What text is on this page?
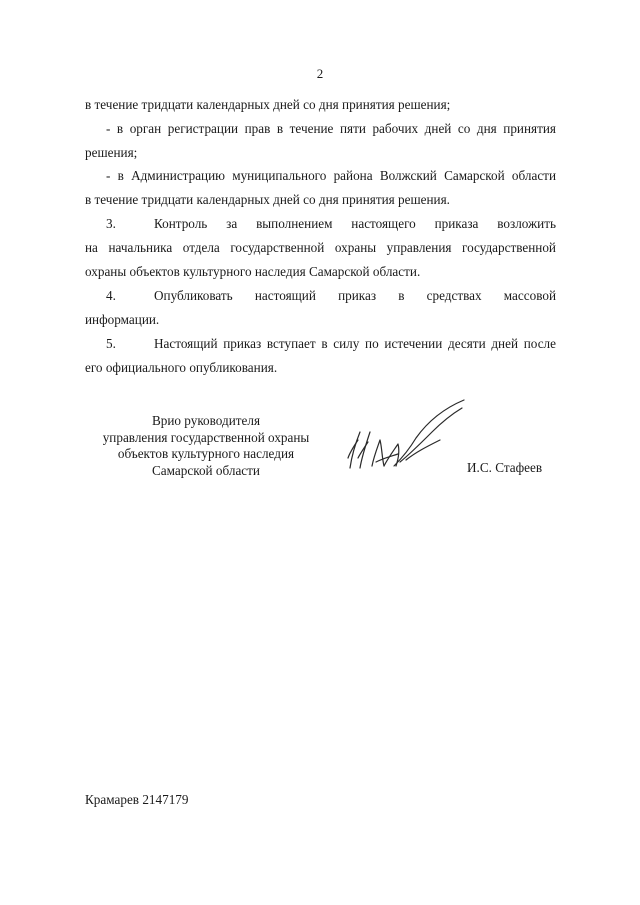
2
в течение тридцати календарных дней со дня принятия решения;
- в орган регистрации прав в течение пяти рабочих дней со дня принятия
решения;
- в Администрацию муниципального района Волжский Самарской области
в течение тридцати календарных дней со дня принятия решения.
3.	Контроль за выполнением настоящего приказа возложить
на начальника отдела государственной охраны управления государственной
охраны объектов культурного наследия Самарской области.
4.	Опубликовать настоящий приказ в средствах массовой
информации.
5.	Настоящий приказ вступает в силу по истечении десяти дней после
его официального опубликования.
Врио руководителя
управления государственной охраны
объектов культурного наследия
Самарской области	И.С. Стафеев
Крамарев 2147179
